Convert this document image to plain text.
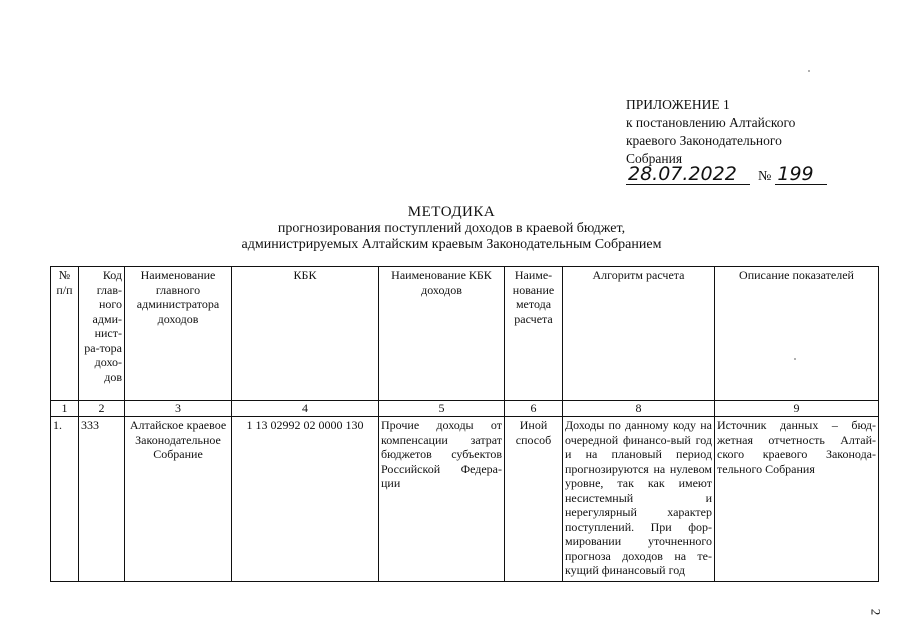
ПРИЛОЖЕНИЕ 1
к постановлению Алтайского
краевого Законодательного
Собрания
28.07.2022 № 199
МЕТОДИКА
прогнозирования поступлений доходов в краевой бюджет,
администрируемых Алтайским краевым Законодательным Собранием
№ п/п	Код глав-ного адми-нист-ра-тора дохо-дов	Наименование главного администратора доходов	КБК	Наименование КБК доходов	Наиме-нование метода расчета	Алгоритм расчета	Описание показателей
1	2	3	4	5	6	8	9
1.	333	Алтайское краевое Законодательное Собрание	1 13 02992 02 0000 130	Прочие доходы от компенсации затрат бюджетов субъектов Российской Федера-ции	Иной способ	Доходы по данному коду на очередной финансо-вый год и на плановый период прогнозируются на нулевом уровне, так как имеют несистемный и нерегулярный характер поступлений. При фор-мировании уточненного прогноза доходов на те-кущий финансовый год	Источник данных – бюд-жетная отчетность Алтай-ского краевого Законода-тельного Собрания
2
